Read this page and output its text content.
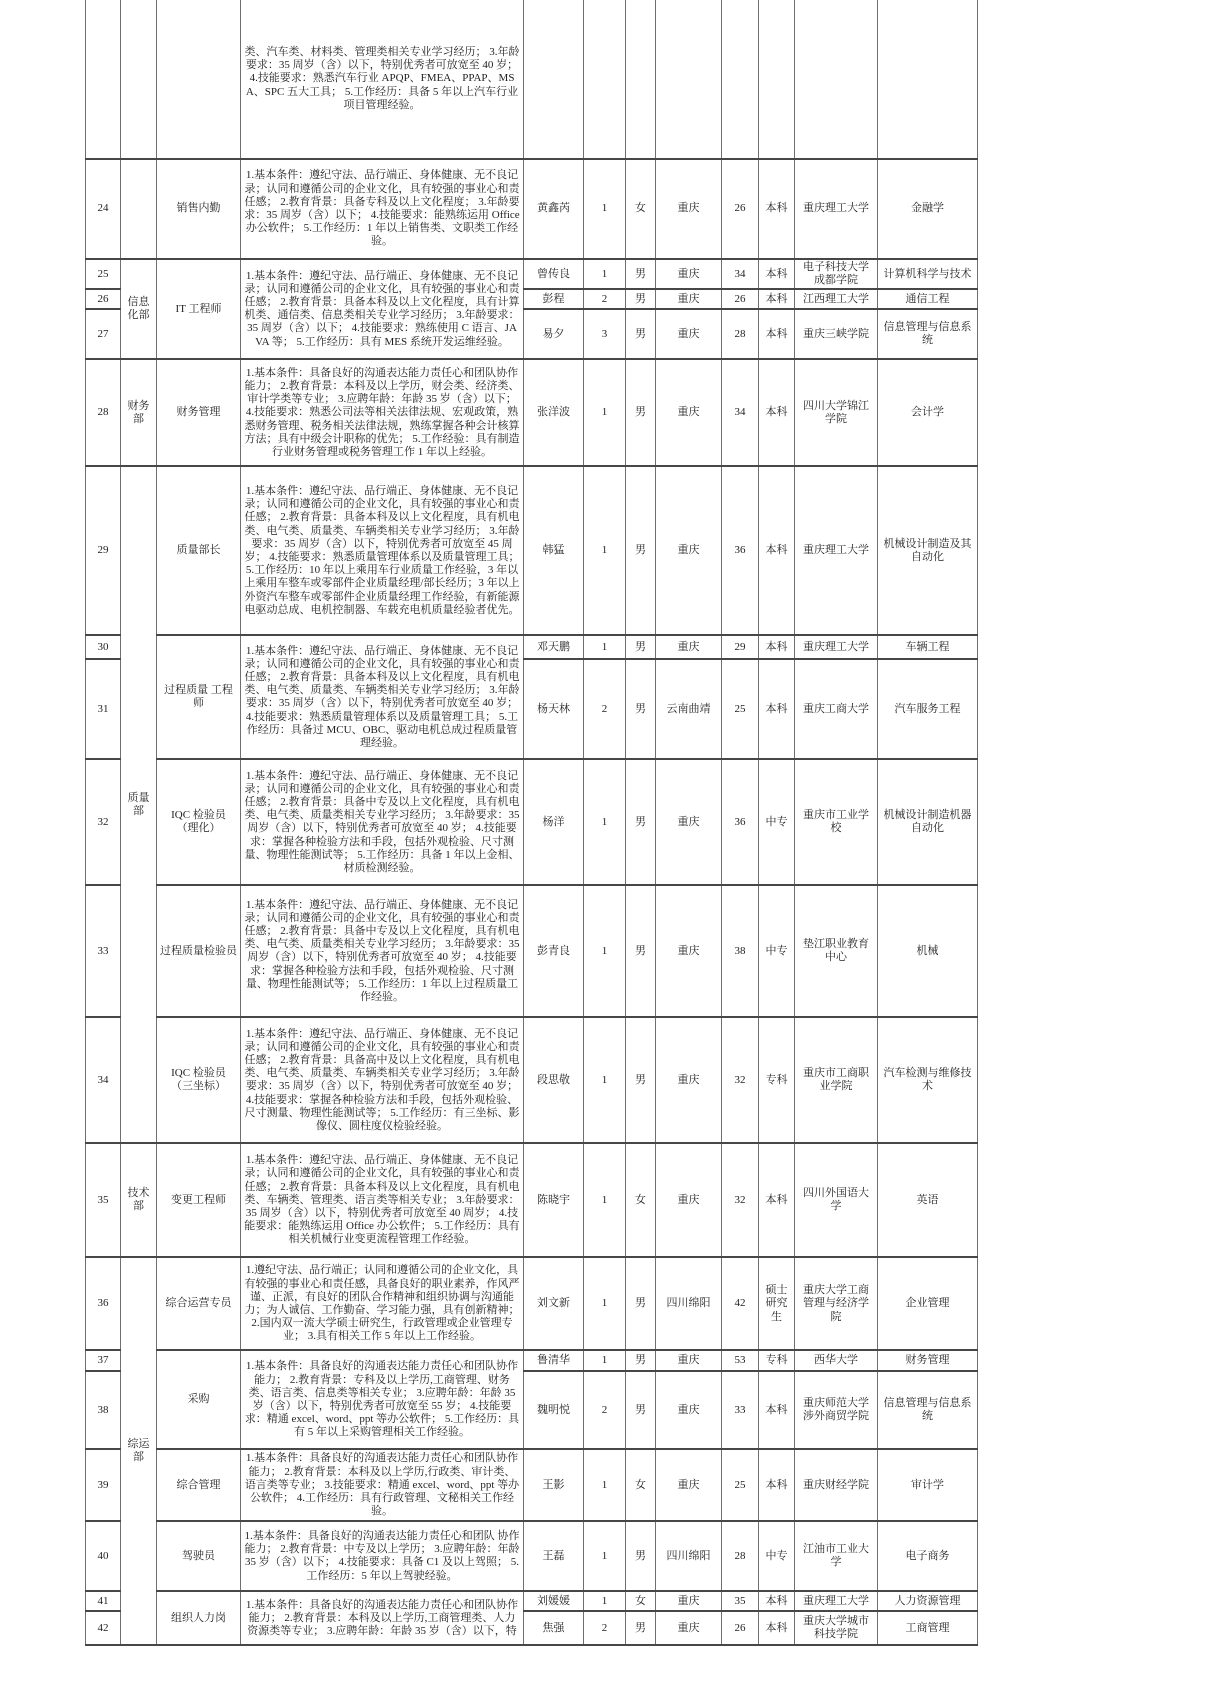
			类、汽车类、材料类、管理类相关专业学习经历； 3.年龄要求：35 周岁（含）以下，特别优秀者可放宽至 40 岁；4.技能要求：熟悉汽车行业 APQP、FMEA、PPAP、MSA、SPC 五大工具； 5.工作经历：具备 5 年以上汽车行业项目管理经验。								
24		销售内勤	1.基本条件：遵纪守法、品行端正、身体健康、无不良记录；认同和遵循公司的企业文化，具有较强的事业心和责任感； 2.教育背景：具备专科及以上文化程度； 3.年龄要求：35 周岁（含）以下； 4.技能要求：能熟练运用 Office 办公软件； 5.工作经历：1 年以上销售类、文职类工作经验。	黄鑫芮	1	女	重庆	26	本科	重庆理工大学	金融学
25	信息化部	IT 工程师	1.基本条件：遵纪守法、品行端正、身体健康、无不良记录；认同和遵循公司的企业文化，具有较强的事业心和责任感； 2.教育背景：具备本科及以上文化程度，具有计算机类、通信类、信息类相关专业学习经历； 3.年龄要求：35 周岁（含）以下； 4.技能要求：熟练使用 C 语言、JAVA 等； 5.工作经历：具有 MES 系统开发运维经验。	曾传良	1	男	重庆	34	本科	电子科技大学成都学院	计算机科学与技术
26				彭程	2	男	重庆	26	本科	江西理工大学	通信工程
27				易夕	3	男	重庆	28	本科	重庆三峡学院	信息管理与信息系统
28	财务部	财务管理	1.基本条件：具备良好的沟通表达能力责任心和团队协作能力； 2.教育背景：本科及以上学历，财会类、经济类、审计学类等专业； 3.应聘年龄：年龄 35 岁（含）以下；4.技能要求：熟悉公司法等相关法律法规、宏观政策，熟悉财务管理、税务相关法律法规，熟练掌握各种会计核算方法；具有中级会计职称的优先； 5.工作经验：具有制造行业财务管理或税务管理工作 1 年以上经验。	张洋波	1	男	重庆	34	本科	四川大学锦江学院	会计学
29	质量部	质量部长	1.基本条件：遵纪守法、品行端正、身体健康、无不良记录；认同和遵循公司的企业文化，具有较强的事业心和责任感； 2.教育背景：具备本科及以上文化程度，具有机电类、电气类、质量类、车辆类相关专业学习经历； 3.年龄要求：35 周岁（含）以下，特别优秀者可放宽至 45 周岁； 4.技能要求：熟悉质量管理体系以及质量管理工具；5.工作经历：10 年以上乘用车行业质量工作经验，3 年以上乘用车整车或零部件企业质量经理/部长经历；3 年以上外资汽车整车或零部件企业质量经理工作经验，有新能源电驱动总成、电机控制器、车载充电机质量经验者优先。	韩猛	1	男	重庆	36	本科	重庆理工大学	机械设计制造及其自动化
30		过程质量 工程师	1.基本条件：遵纪守法、品行端正、身体健康、无不良记录；认同和遵循公司的企业文化，具有较强的事业心和责任感； 2.教育背景：具备本科及以上文化程度，具有机电类、电气类、质量类、车辆类相关专业学习经历； 3.年龄要求：35 周岁（含）以下，特别优秀者可放宽至 40 岁；4.技能要求：熟悉质量管理体系以及质量管理工具； 5.工作经历：具备过 MCU、OBC、驱动电机总成过程质量管理经验。	邓天鹏	1	男	重庆	29	本科	重庆理工大学	车辆工程
31				杨天林	2	男	云南曲靖	25	本科	重庆工商大学	汽车服务工程
32		IQC 检验员 （理化）	1.基本条件：遵纪守法、品行端正、身体健康、无不良记录；认同和遵循公司的企业文化，具有较强的事业心和责任感； 2.教育背景：具备中专及以上文化程度，具有机电类、电气类、质量类相关专业学习经历； 3.年龄要求：35 周岁（含）以下，特别优秀者可放宽至 40 岁； 4.技能要求：掌握各种检验方法和手段，包括外观检验、尺寸测量、物理性能测试等； 5.工作经历：具备 1 年以上金相、材质检测经验。	杨洋	1	男	重庆	36	中专	重庆市工业学校	机械设计制造机器自动化
33		过程质量检验员	1.基本条件：遵纪守法、品行端正、身体健康、无不良记录；认同和遵循公司的企业文化，具有较强的事业心和责任感； 2.教育背景：具备中专及以上文化程度，具有机电类、电气类、质量类相关专业学习经历； 3.年龄要求：35 周岁（含）以下，特别优秀者可放宽至 40 岁； 4.技能要求：掌握各种检验方法和手段，包括外观检验、尺寸测量、物理性能测试等； 5.工作经历：1 年以上过程质量工作经验。	彭青良	1	男	重庆	38	中专	垫江职业教育中心	机械
34		IQC 检验员 （三坐标）	1.基本条件：遵纪守法、品行端正、身体健康、无不良记录；认同和遵循公司的企业文化，具有较强的事业心和责任感； 2.教育背景：具备高中及以上文化程度，具有机电类、电气类、质量类、车辆类相关专业学习经历； 3.年龄要求：35 周岁（含）以下，特别优秀者可放宽至 40 岁；4.技能要求：掌握各种检验方法和手段，包括外观检验、尺寸测量、物理性能测试等； 5.工作经历：有三坐标、影像仪、圆柱度仪检验经验。	段思敬	1	男	重庆	32	专科	重庆市工商职业学院	汽车检测与维修技术
35	技术部	变更工程师	1.基本条件：遵纪守法、品行端正、身体健康、无不良记录；认同和遵循公司的企业文化，具有较强的事业心和责任感； 2.教育背景：具备本科及以上文化程度，具有机电类、车辆类、管理类、语言类等相关专业； 3.年龄要求：35 周岁（含）以下，特别优秀者可放宽至 40 周岁； 4.技能要求：能熟练运用 Office 办公软件； 5.工作经历：具有相关机械行业变更流程管理工作经验。	陈晓宇	1	女	重庆	32	本科	四川外国语大学	英语
36	综运部	综合运营专员	1.遵纪守法、品行端正；认同和遵循公司的企业文化，具有较强的事业心和责任感，具备良好的职业素养，作风严谨、正派，有良好的团队合作精神和组织协调与沟通能力；为人诚信、工作勤奋、学习能力强，具有创新精神；2.国内双一流大学硕士研究生，行政管理或企业管理专业； 3.具有相关工作 5 年以上工作经验。	刘文新	1	男	四川绵阳	42	硕士研究生	重庆大学工商管理与经济学院	企业管理
37		采购	1.基本条件：具备良好的沟通表达能力责任心和团队协作能力； 2.教育背景：专科及以上学历,工商管理、财务类、语言类、信息类等相关专业； 3.应聘年龄：年龄 35岁（含）以下，特别优秀者可放宽至 55 岁； 4.技能要求：精通 excel、word、ppt 等办公软件； 5.工作经历：具有 5 年以上采购管理相关工作经验。	鲁清华	1	男	重庆	53	专科	西华大学	财务管理
38				魏明悦	2	男	重庆	33	本科	重庆师范大学涉外商贸学院	信息管理与信息系统
39		综合管理	1.基本条件：具备良好的沟通表达能力责任心和团队协作能力； 2.教育背景：本科及以上学历,行政类、审计类、语言类等专业； 3.技能要求：精通 excel、word、ppt 等办公软件； 4.工作经历：具有行政管理、文秘相关工作经验。	王影	1	女	重庆	25	本科	重庆财经学院	审计学
40		驾驶员	1.基本条件：具备良好的沟通表达能力责任心和团队 协作能力； 2.教育背景：中专及以上学历； 3.应聘年龄：年龄 35 岁（含）以下； 4.技能要求：具备 C1 及以上驾照； 5.工作经历：5 年以上驾驶经验。	王磊	1	男	四川绵阳	28	中专	江油市工业大学	电子商务
41		组织人力岗	1.基本条件：具备良好的沟通表达能力责任心和团队协作能力； 2.教育背景：本科及以上学历,工商管理类、人力资源类等专业； 3.应聘年龄：年龄 35 岁（含）以下，特	刘媛媛	1	女	重庆	35	本科	重庆理工大学	人力资源管理
42				焦强	2	男	重庆	26	本科	重庆大学城市科技学院	工商管理
